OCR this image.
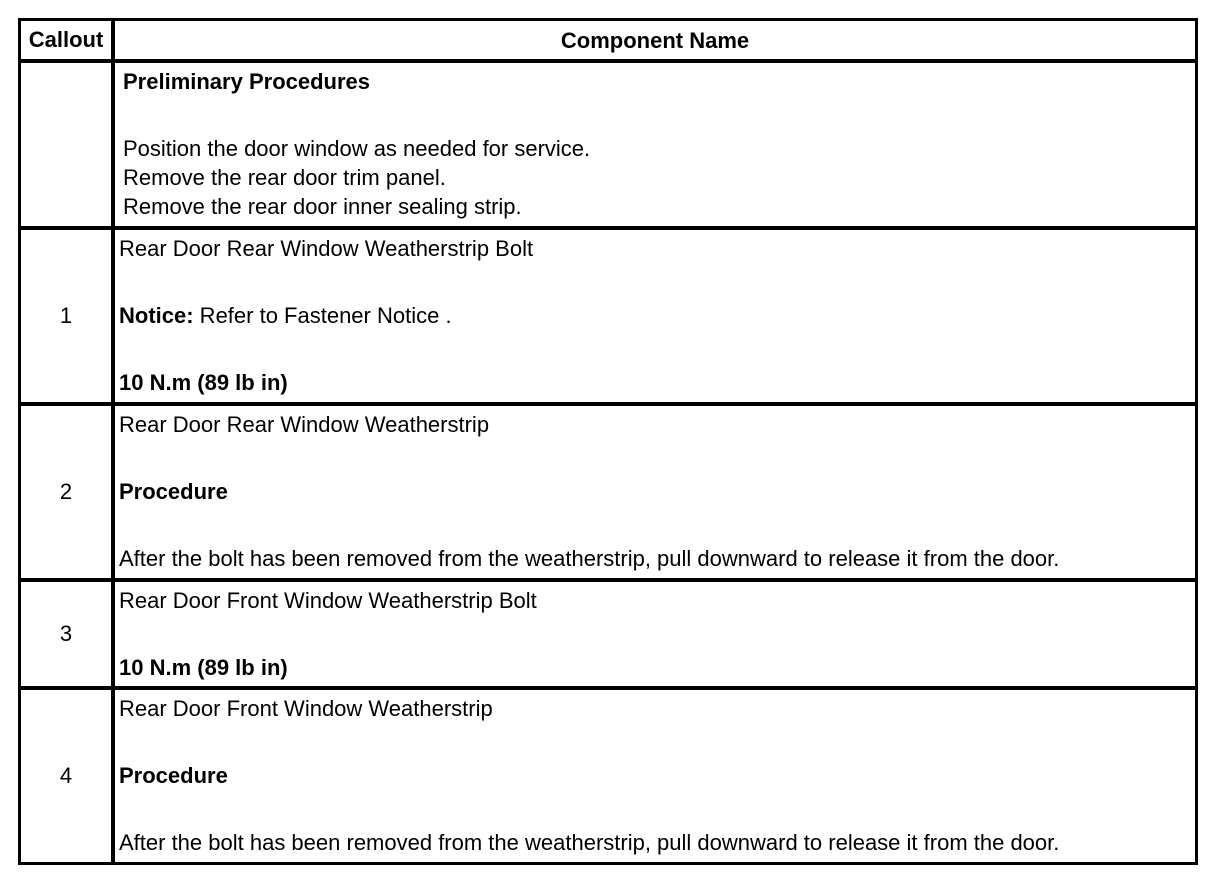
Callout	Component Name
Preliminary Procedures
Position the door window as needed for service.
Remove the rear door trim panel.
Remove the rear door inner sealing strip.
1
Rear Door Rear Window Weatherstrip Bolt
Notice: Refer to Fastener Notice .
10 N.m (89 lb in)
2
Rear Door Rear Window Weatherstrip
Procedure
After the bolt has been removed from the weatherstrip, pull downward to release it from the door.
3
Rear Door Front Window Weatherstrip Bolt
10 N.m (89 lb in)
4
Rear Door Front Window Weatherstrip
Procedure
After the bolt has been removed from the weatherstrip, pull downward to release it from the door.
